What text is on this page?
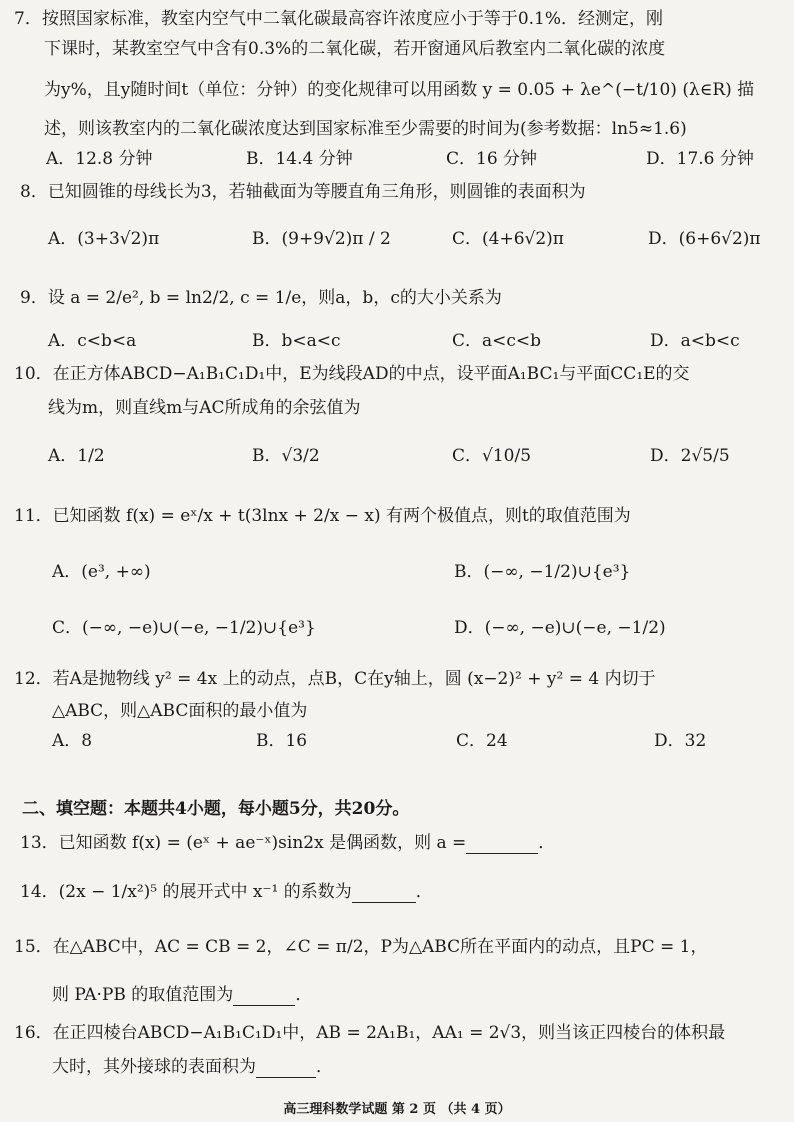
7．按照国家标准，教室内空气中二氧化碳最高容许浓度应小于等于0.1%．经测定，刚
下课时，某教室空气中含有0.3%的二氧化碳，若开窗通风后教室内二氧化碳的浓度
为y%，且y随时间t（单位：分钟）的变化规律可以用函数 y = 0.05 + λe^(−t/10) (λ∈R) 描
述，则该教室内的二氧化碳浓度达到国家标准至少需要的时间为(参考数据：ln5≈1.6)
A．12.8 分钟	B．14.4 分钟	C．16 分钟	D．17.6 分钟
8．已知圆锥的母线长为3，若轴截面为等腰直角三角形，则圆锥的表面积为
A．(3+3√2)π	B．(9+9√2)π / 2	C．(4+6√2)π	D．(6+6√2)π
9．设 a = 2/e², b = ln2/2, c = 1/e，则a，b，c的大小关系为
A．c<b<a	B．b<a<c	C．a<c<b	D．a<b<c
10．在正方体ABCD−A₁B₁C₁D₁中，E为线段AD的中点，设平面A₁BC₁与平面CC₁E的交
线为m，则直线m与AC所成角的余弦值为
A．1/2	B．√3/2	C．√10/5	D．2√5/5
11．已知函数 f(x) = eˣ/x + t(3lnx + 2/x − x) 有两个极值点，则t的取值范围为
A．(e³, +∞)	B．(−∞, −1/2)∪{e³}
C．(−∞, −e)∪(−e, −1/2)∪{e³}	D．(−∞, −e)∪(−e, −1/2)
12．若A是抛物线 y² = 4x 上的动点，点B，C在y轴上，圆 (x−2)² + y² = 4 内切于
△ABC，则△ABC面积的最小值为
A．8	B．16	C．24	D．32
二、填空题：本题共4小题，每小题5分，共20分。
13．已知函数 f(x) = (eˣ + ae⁻ˣ)sin2x 是偶函数，则 a =	．
14．(2x − 1/x²)⁵ 的展开式中 x⁻¹ 的系数为	．
15．在△ABC中，AC = CB = 2，∠C = π/2，P为△ABC所在平面内的动点，且PC = 1，
则 PA·PB 的取值范围为	．
16．在正四棱台ABCD−A₁B₁C₁D₁中，AB = 2A₁B₁，AA₁ = 2√3，则当该正四棱台的体积最
大时，其外接球的表面积为	．
高三理科数学试题 第 2 页 （共 4 页）
